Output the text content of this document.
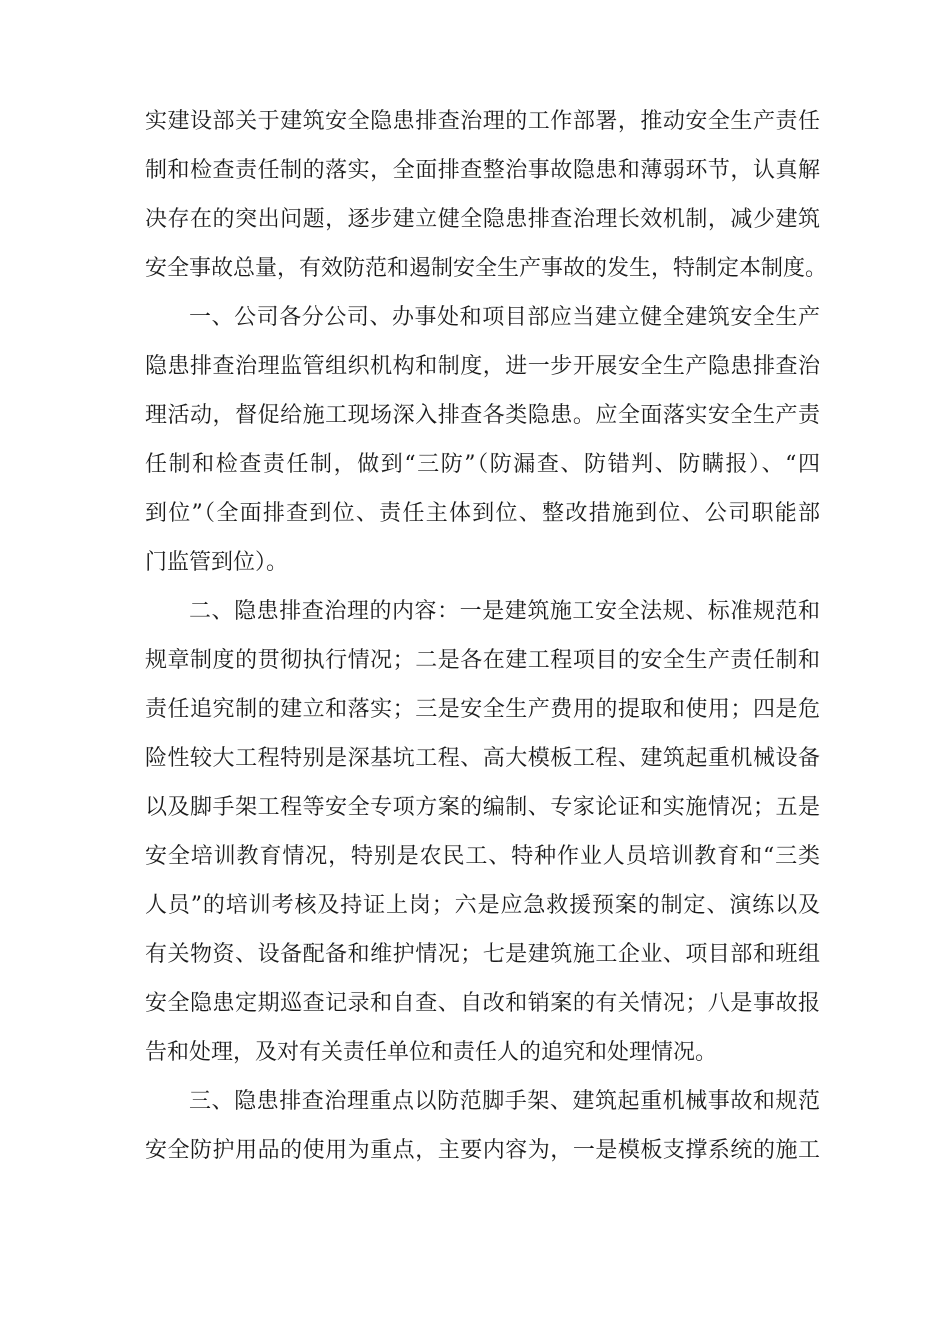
实建设部关于建筑安全隐患排查治理的工作部署，推动安全生产责任
制和检查责任制的落实，全面排查整治事故隐患和薄弱环节，认真解
决存在的突出问题，逐步建立健全隐患排查治理长效机制，减少建筑
安全事故总量，有效防范和遏制安全生产事故的发生，特制定本制度。
一、公司各分公司、办事处和项目部应当建立健全建筑安全生产
隐患排查治理监管组织机构和制度，进一步开展安全生产隐患排查治
理活动，督促给施工现场深入排查各类隐患。应全面落实安全生产责
任制和检查责任制，做到“三防”（防漏查、防错判、防瞒报）、“四
到位”（全面排查到位、责任主体到位、整改措施到位、公司职能部
门监管到位）。
二、隐患排查治理的内容：一是建筑施工安全法规、标准规范和
规章制度的贯彻执行情况；二是各在建工程项目的安全生产责任制和
责任追究制的建立和落实；三是安全生产费用的提取和使用；四是危
险性较大工程特别是深基坑工程、高大模板工程、建筑起重机械设备
以及脚手架工程等安全专项方案的编制、专家论证和实施情况；五是
安全培训教育情况，特别是农民工、特种作业人员培训教育和“三类
人员”的培训考核及持证上岗；六是应急救援预案的制定、演练以及
有关物资、设备配备和维护情况；七是建筑施工企业、项目部和班组
安全隐患定期巡查记录和自查、自改和销案的有关情况；八是事故报
告和处理，及对有关责任单位和责任人的追究和处理情况。
三、隐患排查治理重点以防范脚手架、建筑起重机械事故和规范
安全防护用品的使用为重点，主要内容为，一是模板支撑系统的施工
